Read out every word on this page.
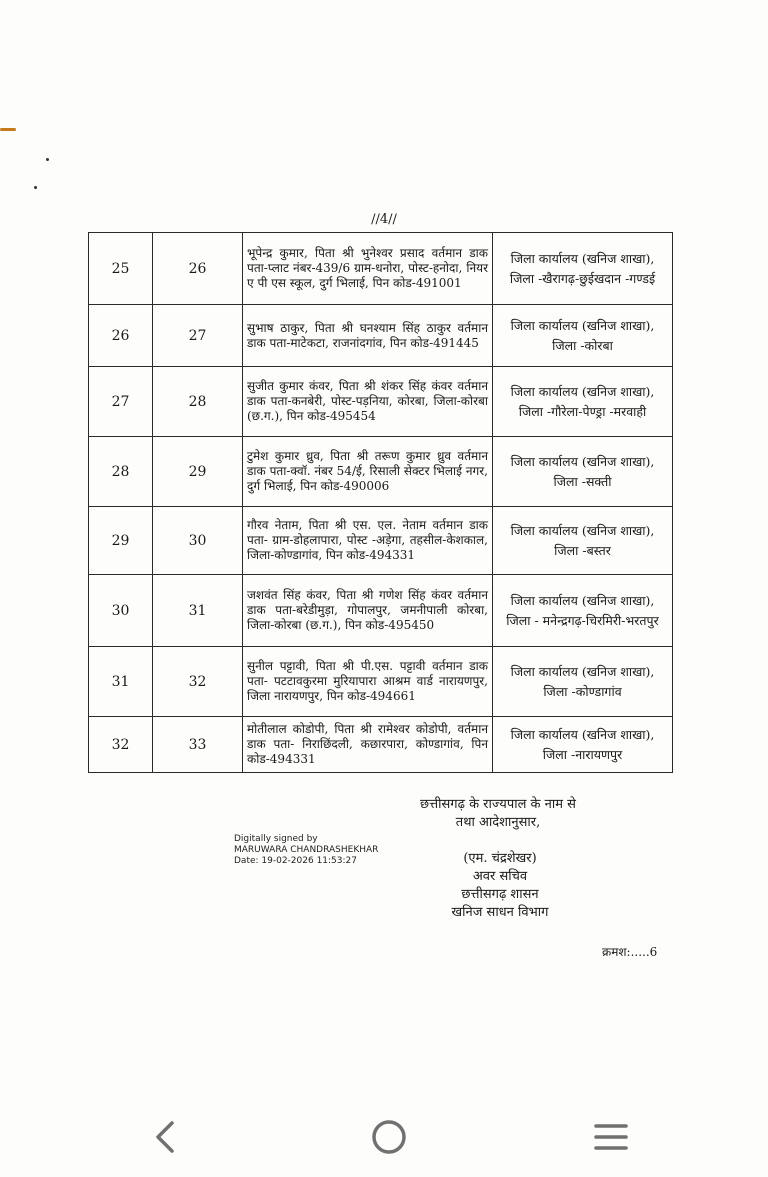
//4//
25	26	भूपेन्द्र कुमार, पिता श्री भुनेश्वर प्रसाद वर्तमान डाक पता-प्लाट नंबर-439/6 ग्राम-धनोरा, पोस्ट-हनोदा, नियर ए पी एस स्कूल, दुर्ग भिलाई, पिन कोड-491001	जिला कार्यालय (खनिज शाखा),
जिला -खैरागढ़-छुईखदान -गण्डई

26	27	सुभाष ठाकुर, पिता श्री घनश्याम सिंह ठाकुर वर्तमान डाक पता-माटेकटा, राजनांदगांव, पिन कोड-491445	जिला कार्यालय (खनिज शाखा),
जिला -कोरबा

27	28	सुजीत कुमार कंवर, पिता श्री शंकर सिंह कंवर वर्तमान डाक पता-कनबेरी, पोस्ट-पड़निया, कोरबा, जिला-कोरबा (छ.ग.), पिन कोड-495454	जिला कार्यालय (खनिज शाखा),
जिला -गौरेला-पेण्ड्रा -मरवाही

28	29	टुमेश कुमार ध्रुव, पिता श्री तरूण कुमार ध्रुव वर्तमान डाक पता-क्वॉ. नंबर 54/ई, रिसाली सेक्टर भिलाई नगर, दुर्ग भिलाई, पिन कोड-490006	जिला कार्यालय (खनिज शाखा),
जिला -सक्ती

29	30	गौरव नेताम, पिता श्री एस. एल. नेताम वर्तमान डाक पता- ग्राम-डोहलापारा, पोस्ट -अड़ेगा, तहसील-केशकाल, जिला-कोण्डागांव, पिन कोड-494331	जिला कार्यालय (खनिज शाखा),
जिला -बस्तर

30	31	जशवंत सिंह कंवर, पिता श्री गणेश सिंह कंवर वर्तमान डाक पता-बरेडीमुड़ा, गोपालपुर, जमनीपाली कोरबा, जिला-कोरबा (छ.ग.), पिन कोड-495450	जिला कार्यालय (खनिज शाखा),
जिला - मनेन्द्रगढ़-चिरमिरी-भरतपुर

31	32	सुनील पट्टावी, पिता श्री पी.एस. पट्टावी वर्तमान डाक पता- पटटावकुरमा मुरियापारा आश्रम वार्ड नारायणपुर, जिला नारायणपुर, पिन कोड-494661	जिला कार्यालय (खनिज शाखा),
जिला -कोण्डागांव

32	33	मोतीलाल कोडोपी, पिता श्री रामेश्वर कोडोपी, वर्तमान डाक पता- निराछिंदली, कछारपारा, कोण्डागांव, पिन कोड-494331	जिला कार्यालय (खनिज शाखा),
जिला -नारायणपुर
छत्तीसगढ़ के राज्यपाल के नाम से
तथा आदेशानुसार,
Digitally signed by
MARUWARA CHANDRASHEKHAR
Date: 19-02-2026 11:53:27	(एम. चंद्रशेखर)
अवर सचिव
छत्तीसगढ़ शासन
खनिज साधन विभाग
क्रमश:.....6
